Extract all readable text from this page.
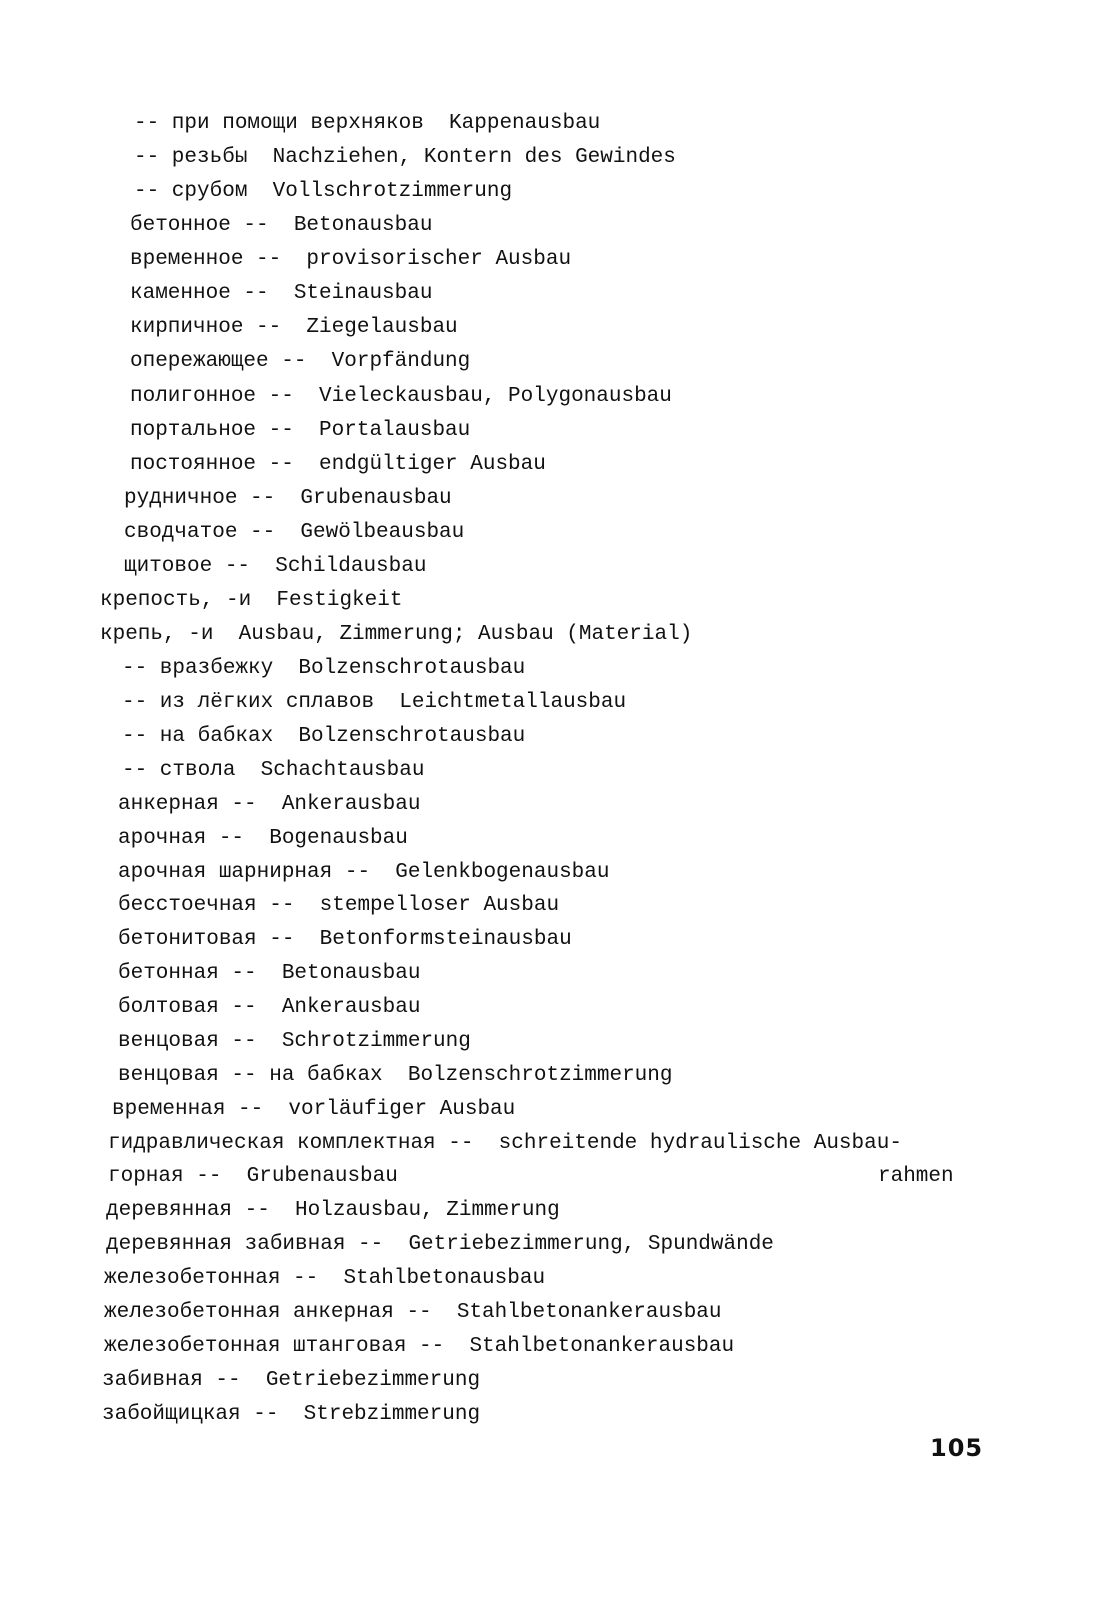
-- при помощи верхняков  Kappenausbau
-- резьбы  Nachziehen, Kontern des Gewindes
-- срубом  Vollschrotzimmerung
бетонное --  Betonausbau
временное --  provisorischer Ausbau
каменное --  Steinausbau
кирпичное --  Ziegelausbau
опережающее --  Vorpfändung
полигонное --  Vieleckausbau, Polygonausbau
портальное --  Portalausbau
постоянное --  endgültiger Ausbau
рудничное --  Grubenausbau
сводчатое --  Gewölbeausbau
щитовое --  Schildausbau
крепость, -и  Festigkeit
крепь, -и  Ausbau, Zimmerung; Ausbau (Material)
-- вразбежку  Bolzenschrotausbau
-- из лёгких сплавов  Leichtmetallausbau
-- на бабках  Bolzenschrotausbau
-- ствола  Schachtausbau
анкерная --  Ankerausbau
арочная --  Bogenausbau
арочная шарнирная --  Gelenkbogenausbau
бесстоечная --  stempelloser Ausbau
бетонитовая --  Betonformsteinausbau
бетонная --  Betonausbau
болтовая --  Ankerausbau
венцовая --  Schrotzimmerung
венцовая -- на бабках  Bolzenschrotzimmerung
временная --  vorläufiger Ausbau
гидравлическая комплектная --  schreitende hydraulische Ausbau-
горная --  Grubenausbau
деревянная --  Holzausbau, Zimmerung
деревянная забивная --  Getriebezimmerung, Spundwände
железобетонная --  Stahlbetonausbau
железобетонная анкерная --  Stahlbetonankerausbau
железобетонная штанговая --  Stahlbetonankerausbau
забивная --  Getriebezimmerung
забойщицкая --  Strebzimmerung
rahmen
105
